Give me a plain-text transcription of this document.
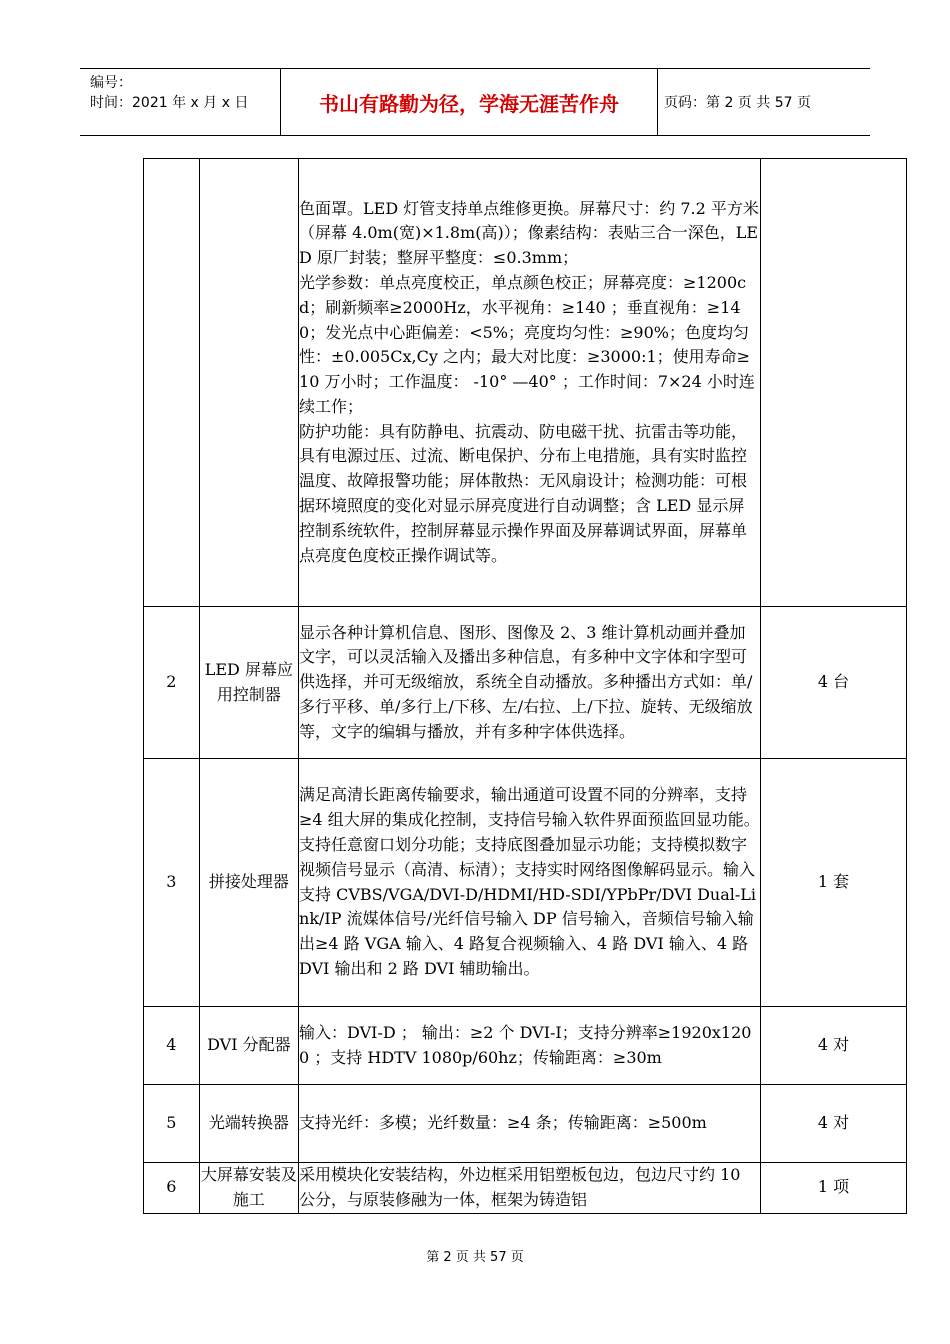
编号：
时间：2021 年 x 月 x 日	书山有路勤为径，学海无涯苦作舟	页码：第 2 页 共 57 页

		色面罩。LED 灯管支持单点维修更换。屏幕尺寸：约 7.2 平方米（屏幕 4.0m(宽)×1.8m(高)）；像素结构：表贴三合一深色，LED 原厂封装；整屏平整度：≤0.3mm；

光学参数：单点亮度校正，单点颜色校正；屏幕亮度：≥1200cd；刷新频率≥2000Hz，水平视角：≥140 ；垂直视角：≥140；发光点中心距偏差：<5%；亮度均匀性：≥90%；色度均匀性：±0.005Cx,Cy 之内；最大对比度：≥3000:1；使用寿命≥10 万小时；工作温度： -10° —40° ；工作时间：7×24 小时连续工作；

防护功能：具有防静电、抗震动、防电磁干扰、抗雷击等功能，具有电源过压、过流、断电保护、分布上电措施，具有实时监控温度、故障报警功能；屏体散热：无风扇设计；检测功能：可根据环境照度的变化对显示屏亮度进行自动调整；含 LED 显示屏控制系统软件，控制屏幕显示操作界面及屏幕调试界面，屏幕单点亮度色度校正操作调试等。	

2	LED 屏幕应用控制器	显示各种计算机信息、图形、图像及 2、3 维计算机动画并叠加文字，可以灵活输入及播出多种信息，有多种中文字体和字型可供选择，并可无级缩放，系统全自动播放。多种播出方式如：单/多行平移、单/多行上/下移、左/右拉、上/下拉、旋转、无级缩放等，文字的编辑与播放，并有多种字体供选择。	4 台
3	拼接处理器	满足高清长距离传输要求，输出通道可设置不同的分辨率，支持≥4 组大屏的集成化控制，支持信号输入软件界面预监回显功能。支持任意窗口划分功能；支持底图叠加显示功能；支持模拟数字视频信号显示（高清、标清）；支持实时网络图像解码显示。输入支持 CVBS/VGA/DVI-D/HDMI/HD-SDI/YPbPr/DVI Dual-Link/IP 流媒体信号/光纤信号输入 DP 信号输入，音频信号输入输出≥4 路 VGA 输入、4 路复合视频输入、4 路 DVI 输入、4 路 DVI 输出和 2 路 DVI 辅助输出。	1 套
4	DVI 分配器	输入：DVI-D ； 输出：≥2 个 DVI-I；支持分辨率≥1920x1200 ；支持 HDTV 1080p/60hz；传输距离：≥30m	4 对
5	光端转换器	支持光纤：多模；光纤数量：≥4 条；传输距离：≥500m	4 对
6	大屏幕安装及施工	采用模块化安装结构，外边框采用铝塑板包边，包边尺寸约 10 公分，与原装修融为一体，框架为铸造铝	1 项
第 2 页 共 57 页
